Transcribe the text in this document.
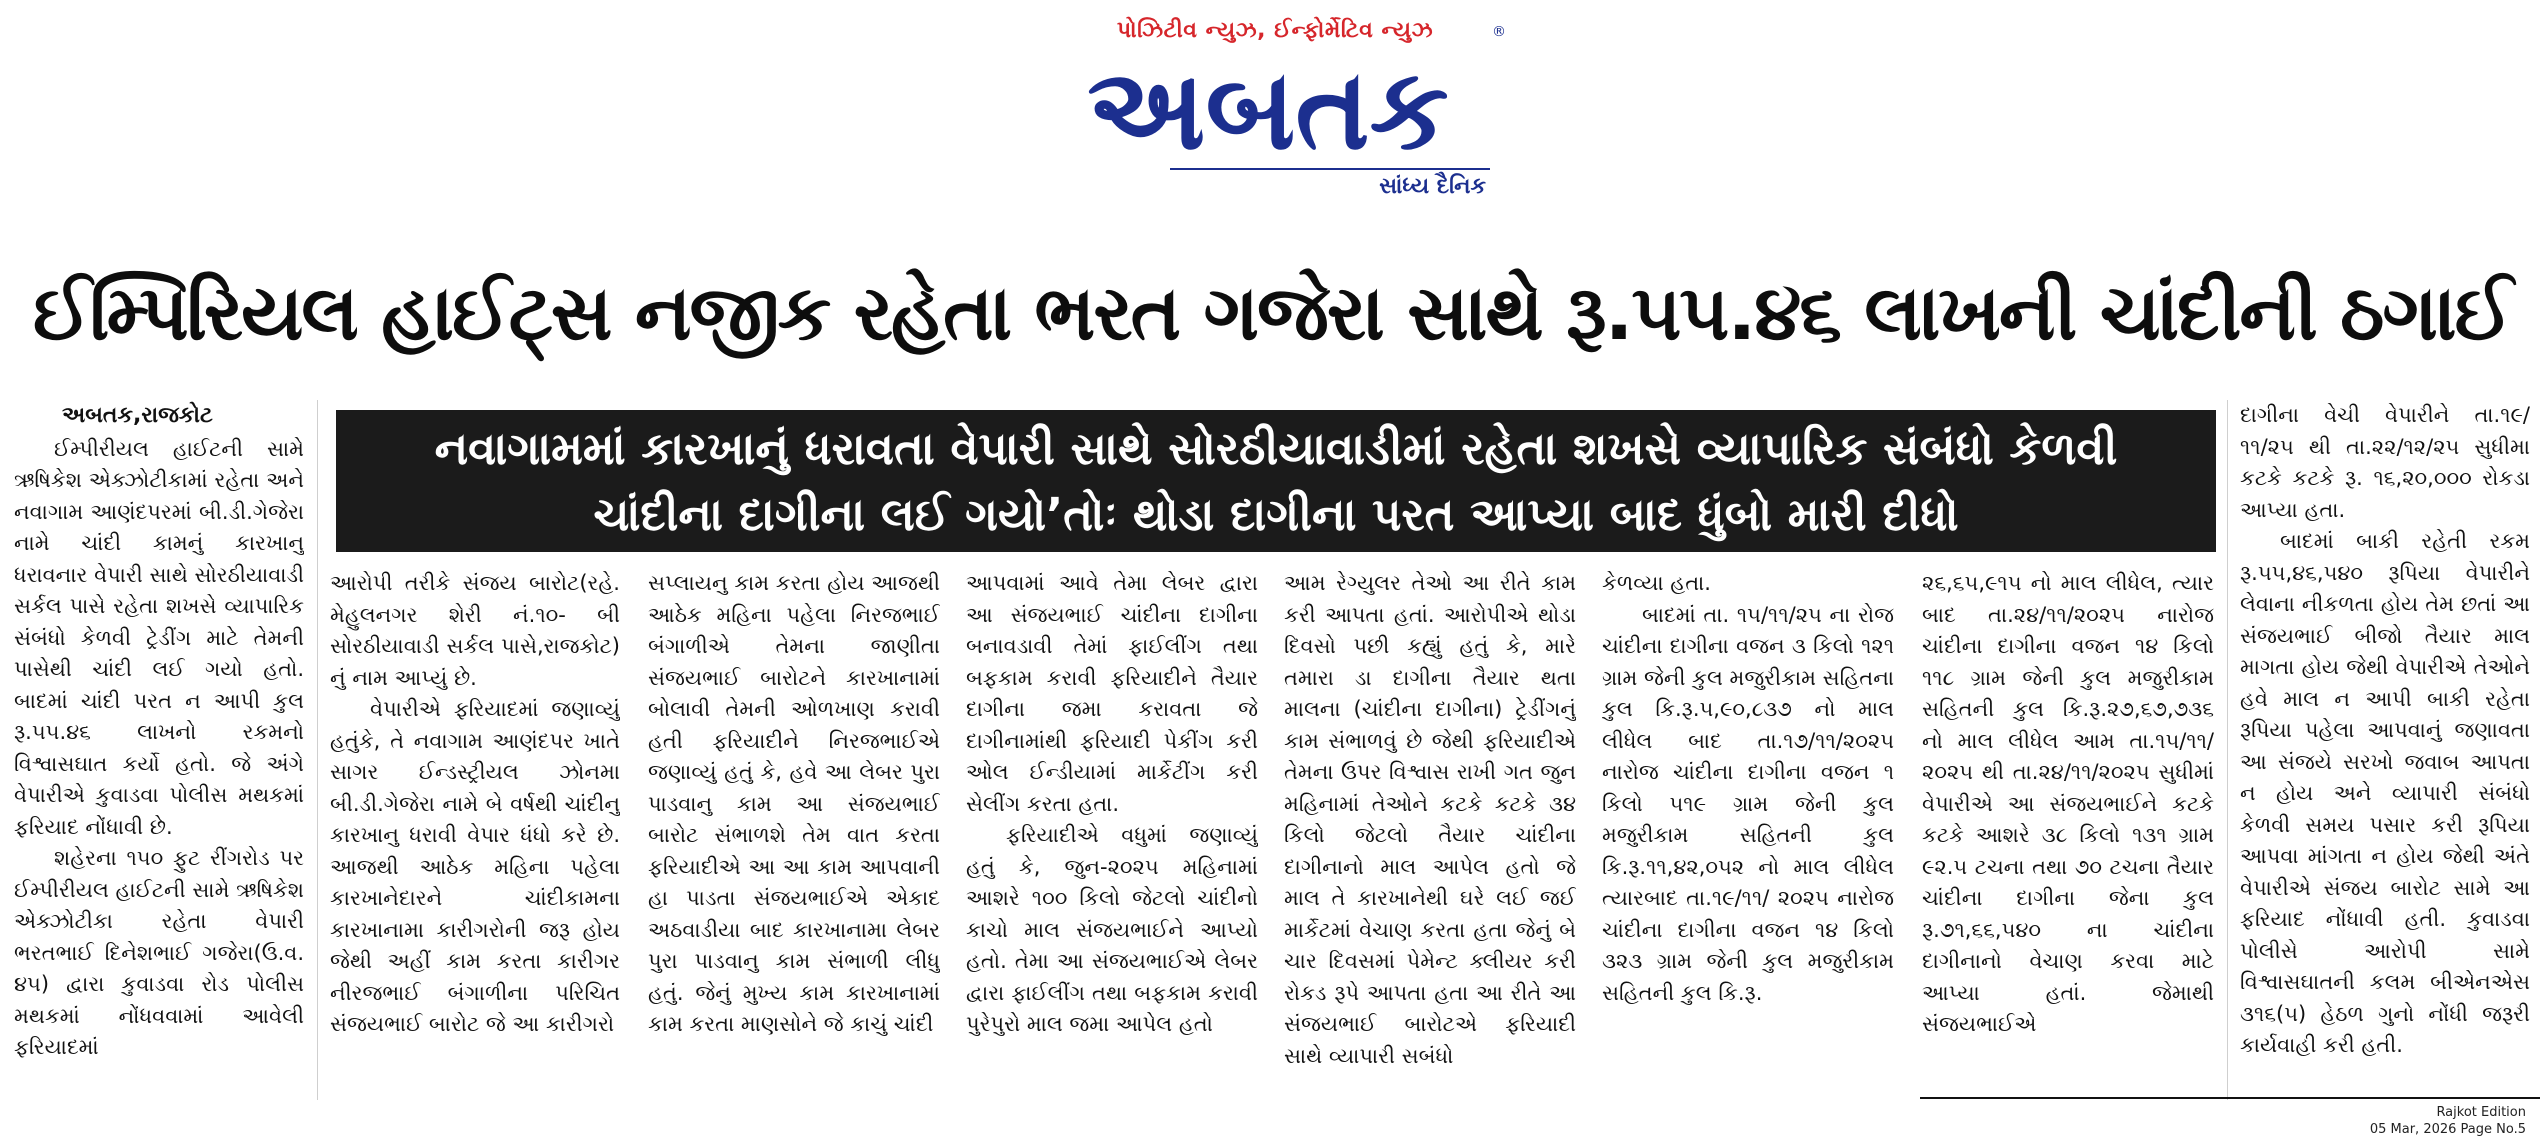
પોઝિટીવ ન્યુઝ, ઈન્ફોર્મેટિવ ન્યુઝ
અબતક
®
સાંધ્ય દૈનિક
ઈમ્પિરિયલ હાઈટ્સ નજીક રહેતા ભરત ગજેરા સાથે રૂ.૫૫.૪૬ લાખની ચાંદીની ઠગાઈ
નવાગામમાં કારખાનું ધરાવતા વેપારી સાથે સોરઠીયાવાડીમાં રહેતા શખસે વ્યાપારિક સંબંધો કેળવી
ચાંદીના દાગીના લઈ ગયો’તોઃ થોડા દાગીના પરત આપ્યા બાદ ધુંબો મારી દીધો
અબતક,રાજકોટ

ઈમ્પીરીયલ હાઈટની સામે ઋષિકેશ એક્ઝોટીકામાં રહેતા અને નવાગામ આણંદપરમાં બી.ડી.ગેજેરા નામે ચાંદી કામનું કારખાનુ ધરાવનાર વેપારી સાથે સોરઠીયાવાડી સર્કલ પાસે રહેતા શખસે વ્યાપારિક સંબંધો કેળવી ટ્રેડીંગ માટે તેમની પાસેથી ચાંદી લઈ ગયો હતો. બાદમાં ચાંદી પરત ન આપી કુલ રૂ.૫૫.૪૬ લાખનો રકમનો વિશ્વાસઘાત કર્યો હતો. જે અંગે વેપારીએ કુવાડવા પોલીસ મથકમાં ફરિયાદ નોંધાવી છે.

શહેરના ૧૫૦ ફુટ રીંગરોડ પર ઈમ્પીરીયલ હાઈટની સામે ઋષિકેશ એક્ઝોટીકા રહેતા વેપારી ભરતભાઈ દિનેશભાઈ ગજેરા(ઉ.વ. ૪૫) દ્વારા કુવાડવા રોડ પોલીસ મથકમાં નોંધવવામાં આવેલી ફરિયાદમાં

આરોપી તરીકે સંજય બારોટ(રહે. મેહુલનગર શેરી નં.૧૦- બી સોરઠીયાવાડી સર્કલ પાસે,રાજકોટ) નું નામ આપ્યું છે.

વેપારીએ ફરિયાદમાં જણાવ્યું હતુંકે, તે નવાગામ આણંદપર ખાતે સાગર ઈન્ડસ્ટ્રીયલ ઝોનમા બી.ડી.ગેજેરા નામે બે વર્ષથી ચાંદીનુ કારખાનુ ધરાવી વેપાર ધંધો કરે છે. આજથી આઠેક મહિના પહેલા કારખાનેદારને ચાંદીકામના કારખાનામા કારીગરોની જરૂ હોય જેથી અહીં કામ કરતા કારીગર નીરજભાઈ બંગાળીના પરિચિત સંજયભાઈ બારોટ જે આ કારીગરો

સપ્લાયનુ કામ કરતા હોય આજથી આઠેક મહિના પહેલા નિરજભાઈ બંગાળીએ તેમના જાણીતા સંજયભાઈ બારોટને કારખાનામાં બોલાવી તેમની ઓળખાણ કરાવી હતી ફરિયાદીને નિરજભાઈએ જણાવ્યું હતું કે, હવે આ લેબર પુરા પાડવાનુ કામ આ સંજયભાઈ બારોટ સંભાળશે તેમ વાત કરતા ફરિયાદીએ આ આ કામ આપવાની હા પાડતા સંજયભાઈએ એકાદ અઠવાડીયા બાદ કારખાનામા લેબર પુરા પાડવાનુ કામ સંભાળી લીધુ હતું. જેનું મુખ્ય કામ કારખાનામાં કામ કરતા માણસોને જે કાચું ચાંદી

આપવામાં આવે તેમા લેબર દ્વારા આ સંજયભાઈ ચાંદીના દાગીના બનાવડાવી તેમાં ફાઈલીંગ તથા બફકામ કરાવી ફરિયાદીને તૈયાર દાગીના જમા કરાવતા જે દાગીનામાંથી ફરિયાદી પેકીંગ કરી ઓલ ઈન્ડીયામાં માર્કેટીંગ કરી સેલીંગ કરતા હતા.

ફરિયાદીએ વધુમાં જણાવ્યું હતું કે, જુન-૨૦૨૫ મહિનામાં આશરે ૧૦૦ કિલો જેટલો ચાંદીનો કાચો માલ સંજયભાઈને આપ્યો હતો. તેમા આ સંજયભાઈએ લેબર દ્વારા ફાઈલીંગ તથા બફકામ કરાવી પુરેપુરો માલ જમા આપેલ હતો

આમ રેગ્યુલર તેઓ આ રીતે કામ કરી આપતા હતાં. આરોપીએ થોડા દિવસો પછી કહ્યું હતું કે, મારે તમારા ડા દાગીના તૈયાર થતા માલના (ચાંદીના દાગીના) ટ્રેડીંગનું કામ સંભાળવું છે જેથી ફરિયાદીએ તેમના ઉપર વિશ્વાસ રાખી ગત જુન મહિનામાં તેઓને કટકે કટકે ૩૪ કિલો જેટલો તૈયાર ચાંદીના દાગીનાનો માલ આપેલ હતો જે માલ તે કારખાનેથી ઘરે લઈ જઈ માર્કેટમાં વેચાણ કરતા હતા જેનું બે ચાર દિવસમાં પેમેન્ટ ક્લીયર કરી રોકડ રૂપે આપતા હતા આ રીતે આ સંજયભાઈ બારોટએ ફરિયાદી સાથે વ્યાપારી સબંધો

કેળવ્યા હતા.

બાદમાં તા. ૧૫/૧૧/૨૫ ના રોજ ચાંદીના દાગીના વજન ૩ કિલો ૧૨૧ ગ્રામ જેની કુલ મજુરીકામ સહિતના કુલ કિ.રૂ.૫,૯૦,૮૩૭ નો માલ લીધેલ બાદ તા.૧૭/૧૧/૨૦૨૫ નારોજ ચાંદીના દાગીના વજન ૧ કિલો ૫૧૯ ગ્રામ જેની કુલ મજુરીકામ સહિતની કુલ કિ.રૂ.૧૧,૪૨,૦૫૨ નો માલ લીધેલ ત્યારબાદ તા.૧૯/૧૧/ ૨૦૨૫ નારોજ ચાંદીના દાગીના વજન ૧૪ કિલો ૩૨૩ ગ્રામ જેની કુલ મજુરીકામ સહિતની કુલ કિ.રૂ.

૨૬,૬૫,૯૧૫ નો માલ લીધેલ, ત્યાર બાદ તા.૨૪/૧૧/૨૦૨૫ નારોજ ચાંદીના દાગીના વજન ૧૪ કિલો ૧૧૮ ગ્રામ જેની કુલ મજુરીકામ સહિતની કુલ કિ.રૂ.૨૭,૬૭,૭૩૬ નો માલ લીધેલ આમ તા.૧૫/૧૧/ ૨૦૨૫ થી તા.૨૪/૧૧/૨૦૨૫ સુધીમાં વેપારીએ આ સંજયભાઈને કટકે કટકે આશરે ૩૮ કિલો ૧૩૧ ગ્રામ ૯૨.૫ ટચના તથા ૭૦ ટચના તૈયાર ચાંદીના દાગીના જેના કુલ રૂ.૭૧,૬૬,૫૪૦ ના ચાંદીના દાગીનાનો વેચાણ કરવા માટે આપ્યા હતાં. જેમાથી સંજયભાઈએ

દાગીના વેચી વેપારીને તા.૧૯/ ૧૧/૨૫ થી તા.૨૨/૧૨/૨૫ સુધીમા કટકે કટકે રૂ. ૧૬,૨૦,૦૦૦ રોકડા આપ્યા હતા.

બાદમાં બાકી રહેતી રકમ રૂ.૫૫,૪૬,૫૪૦ રૂપિયા વેપારીને લેવાના નીકળતા હોય તેમ છતાં આ સંજયભાઈ બીજો તૈયાર માલ માગતા હોય જેથી વેપારીએ તેઓને હવે માલ ન આપી બાકી રહેતા રૂપિયા પહેલા આપવાનું જણાવતા આ સંજયે સરખો જવાબ આપતા ન હોય અને વ્યાપારી સંબંધો કેળવી સમય પસાર કરી રૂપિયા આપવા માંગતા ન હોય જેથી અંતે વેપારીએ સંજય બારોટ સામે આ ફરિયાદ નોંધાવી હતી. કુવાડવા પોલીસે આરોપી સામે વિશ્વાસઘાતની કલમ બીએનએસ ૩૧૬(૫) હેઠળ ગુનો નોંધી જરૂરી કાર્યવાહી કરી હતી.

Rajkot Edition
05 Mar, 2026 Page No.5
